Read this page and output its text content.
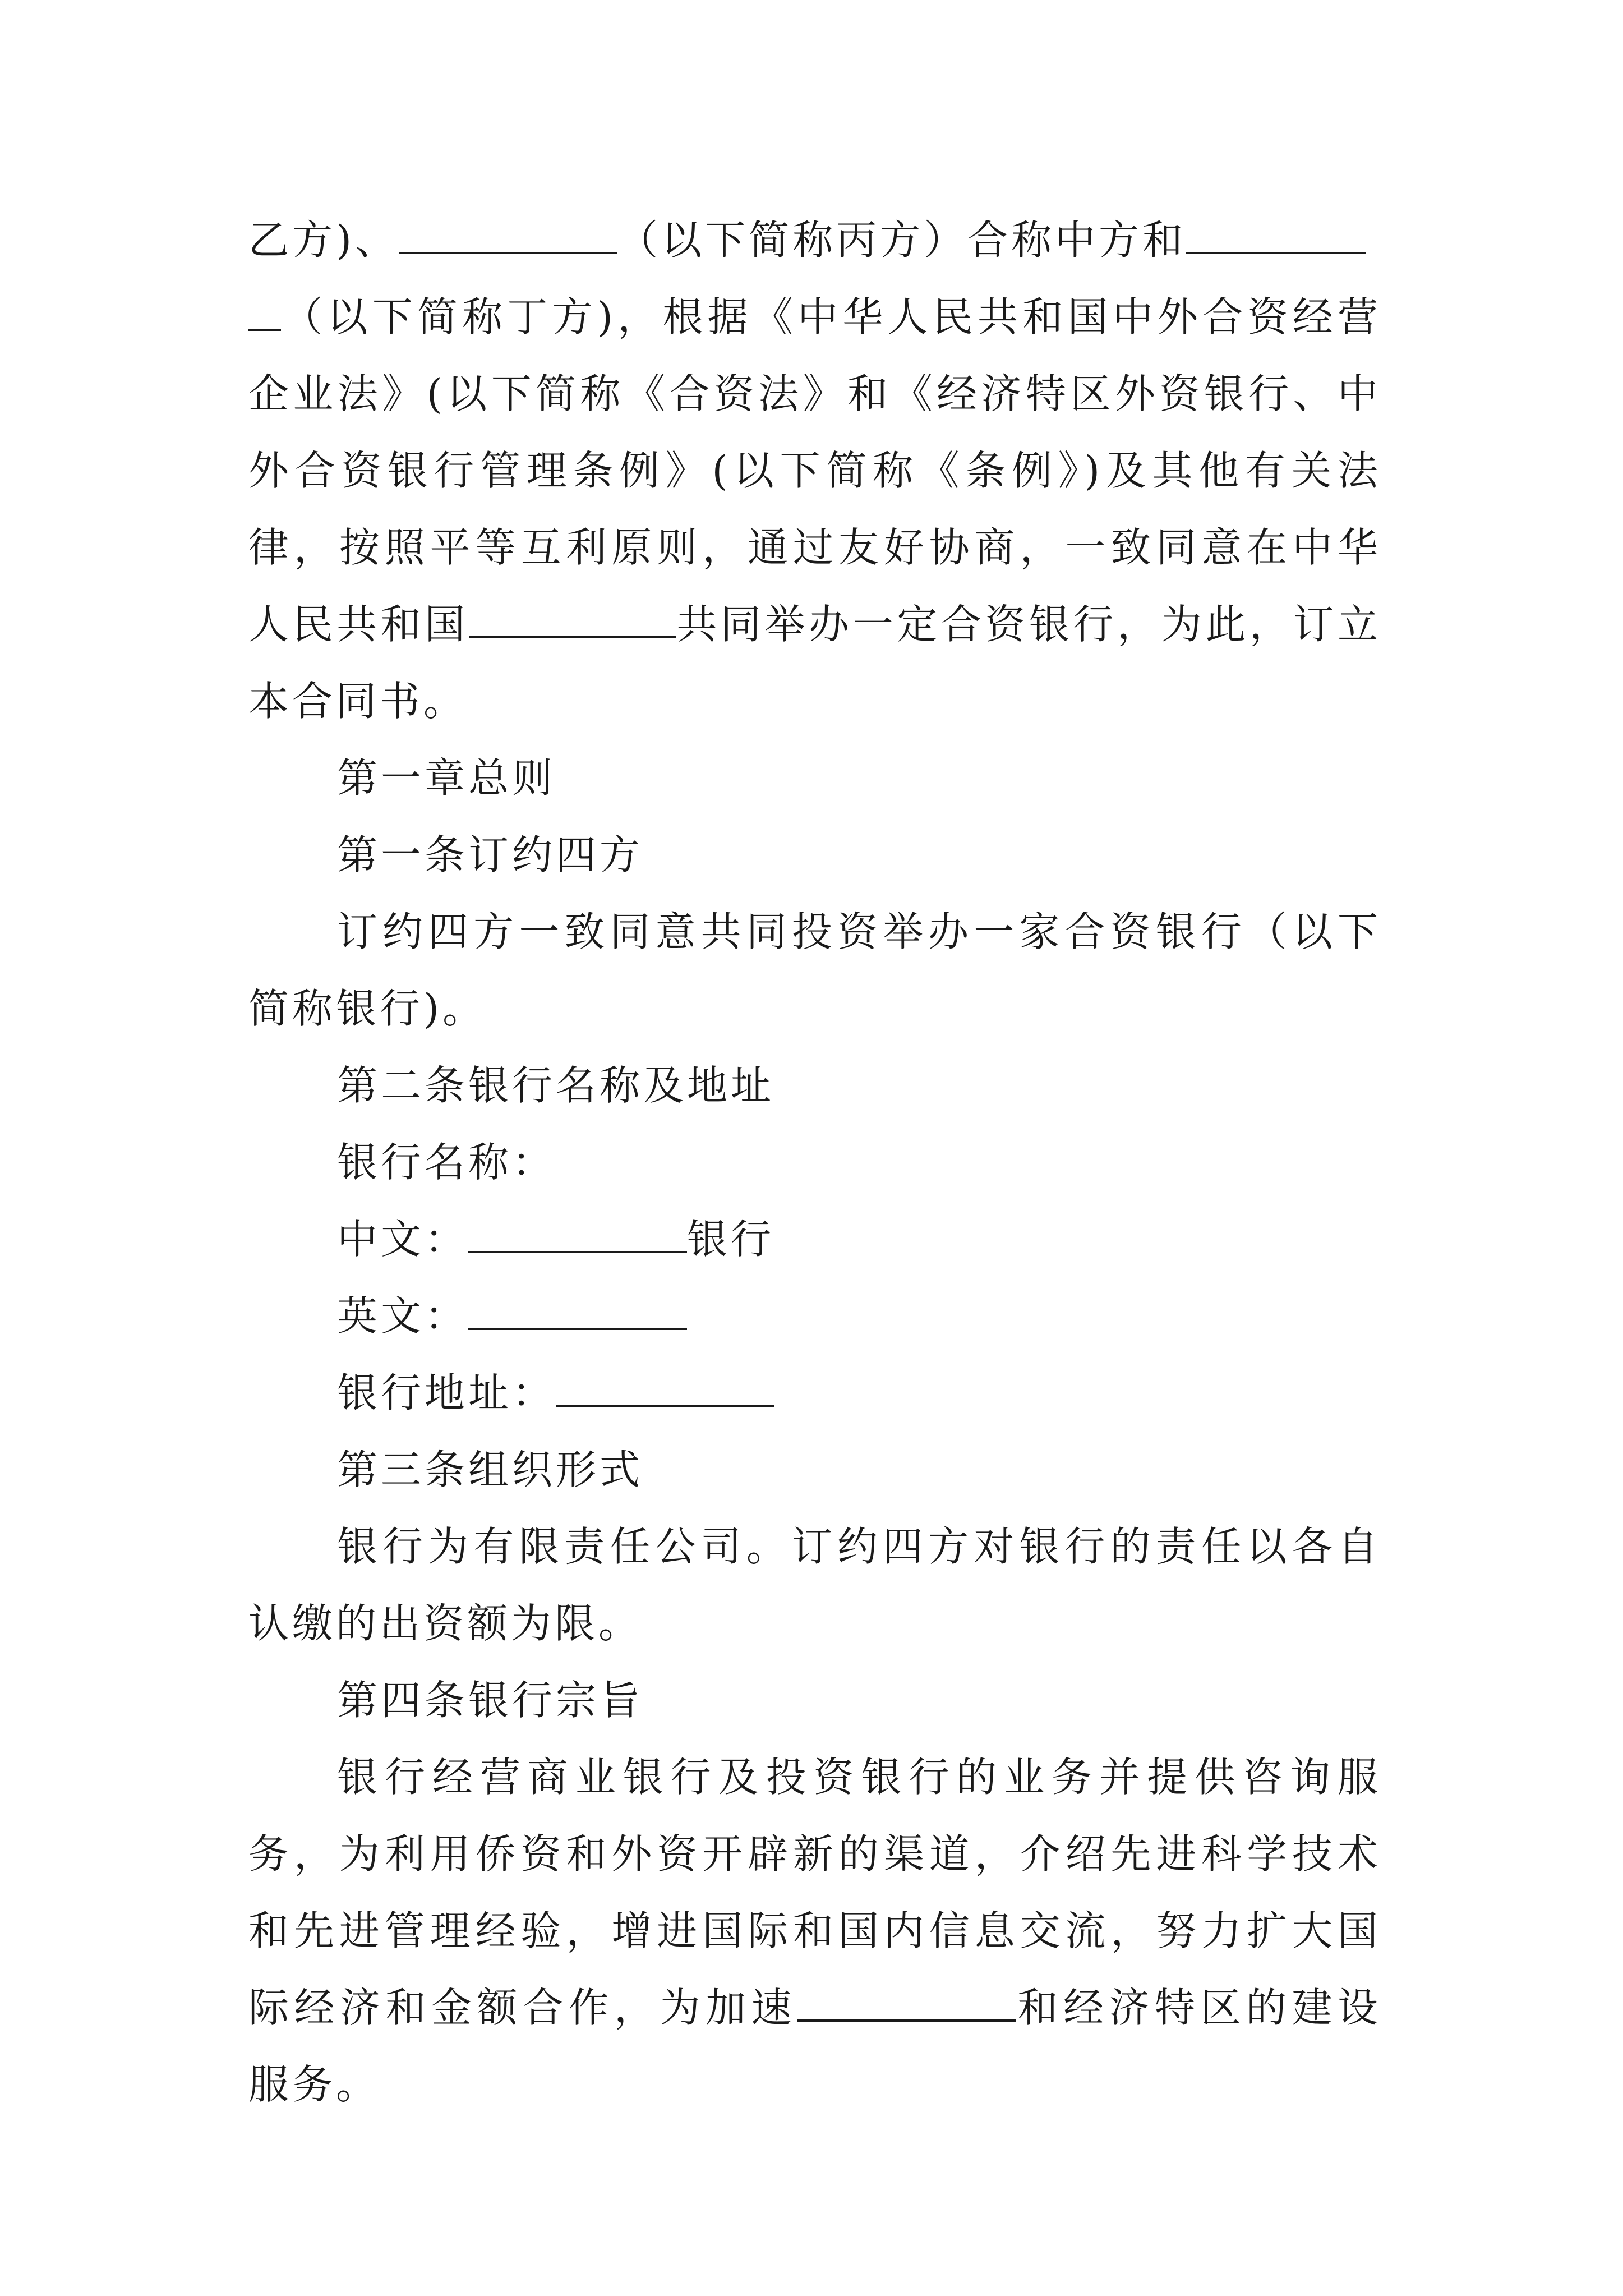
乙方)、	（以下简称丙方）合称中方和
（以下简称丁方)，根据《中华人民共和国中外合资经营企业法》(以下简称《合资法》和《经济特区外资银行、中外合资银行管理条例》(以下简称《条例》)及其他有关法律，按照平等互利原则，通过友好协商，一致同意在中华人民共和国	共同举办一定合资银行，为此，订立本合同书。

第一章总则

第一条订约四方

订约四方一致同意共同投资举办一家合资银行（以下简称银行)。

第二条银行名称及地址

银行名称：

中文：	银行

英文：

银行地址：

第三条组织形式

银行为有限责任公司。订约四方对银行的责任以各自认缴的出资额为限。

第四条银行宗旨

银行经营商业银行及投资银行的业务并提供咨询服务，为利用侨资和外资开辟新的渠道，介绍先进科学技术和先进管理经验，增进国际和国内信息交流，努力扩大国际经济和金额合作，为加速	和经济特区的建设服务。
